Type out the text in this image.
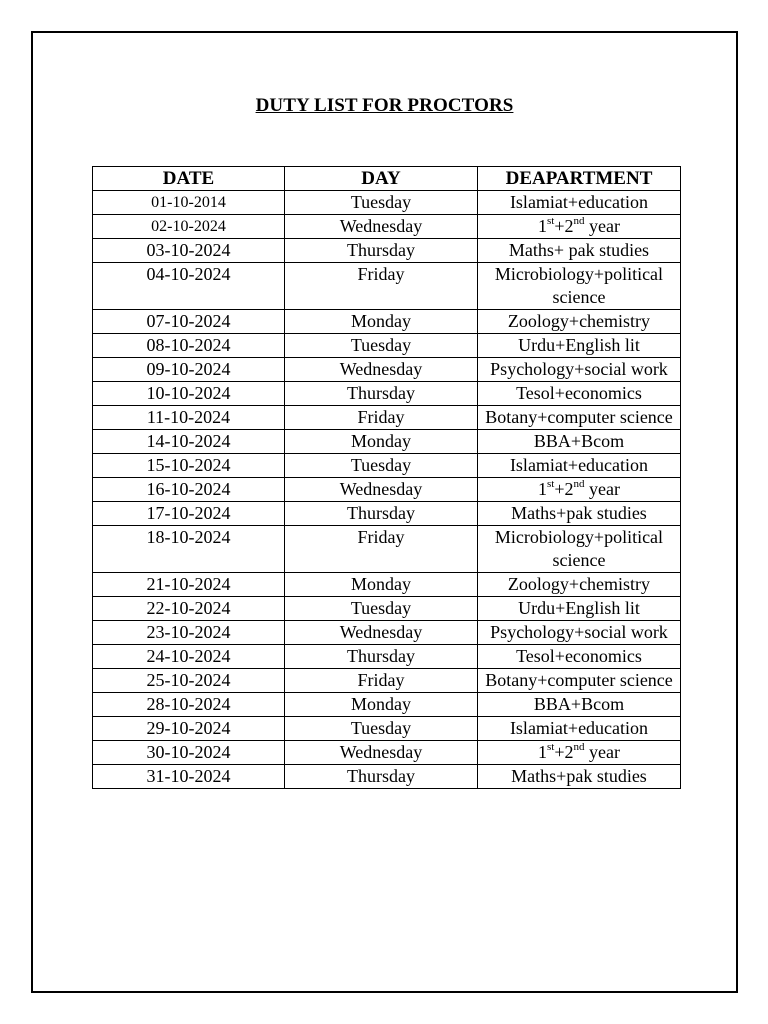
DUTY LIST FOR PROCTORS
DATE	DAY	DEAPARTMENT
01-10-2014	Tuesday	Islamiat+education
02-10-2024	Wednesday	1st+2nd year
03-10-2024	Thursday	Maths+ pak studies
04-10-2024	Friday	Microbiology+political science
07-10-2024	Monday	Zoology+chemistry
08-10-2024	Tuesday	Urdu+English lit
09-10-2024	Wednesday	Psychology+social work
10-10-2024	Thursday	Tesol+economics
11-10-2024	Friday	Botany+computer science
14-10-2024	Monday	BBA+Bcom
15-10-2024	Tuesday	Islamiat+education
16-10-2024	Wednesday	1st+2nd year
17-10-2024	Thursday	Maths+pak studies
18-10-2024	Friday	Microbiology+political science
21-10-2024	Monday	Zoology+chemistry
22-10-2024	Tuesday	Urdu+English lit
23-10-2024	Wednesday	Psychology+social work
24-10-2024	Thursday	Tesol+economics
25-10-2024	Friday	Botany+computer science
28-10-2024	Monday	BBA+Bcom
29-10-2024	Tuesday	Islamiat+education
30-10-2024	Wednesday	1st+2nd year
31-10-2024	Thursday	Maths+pak studies
